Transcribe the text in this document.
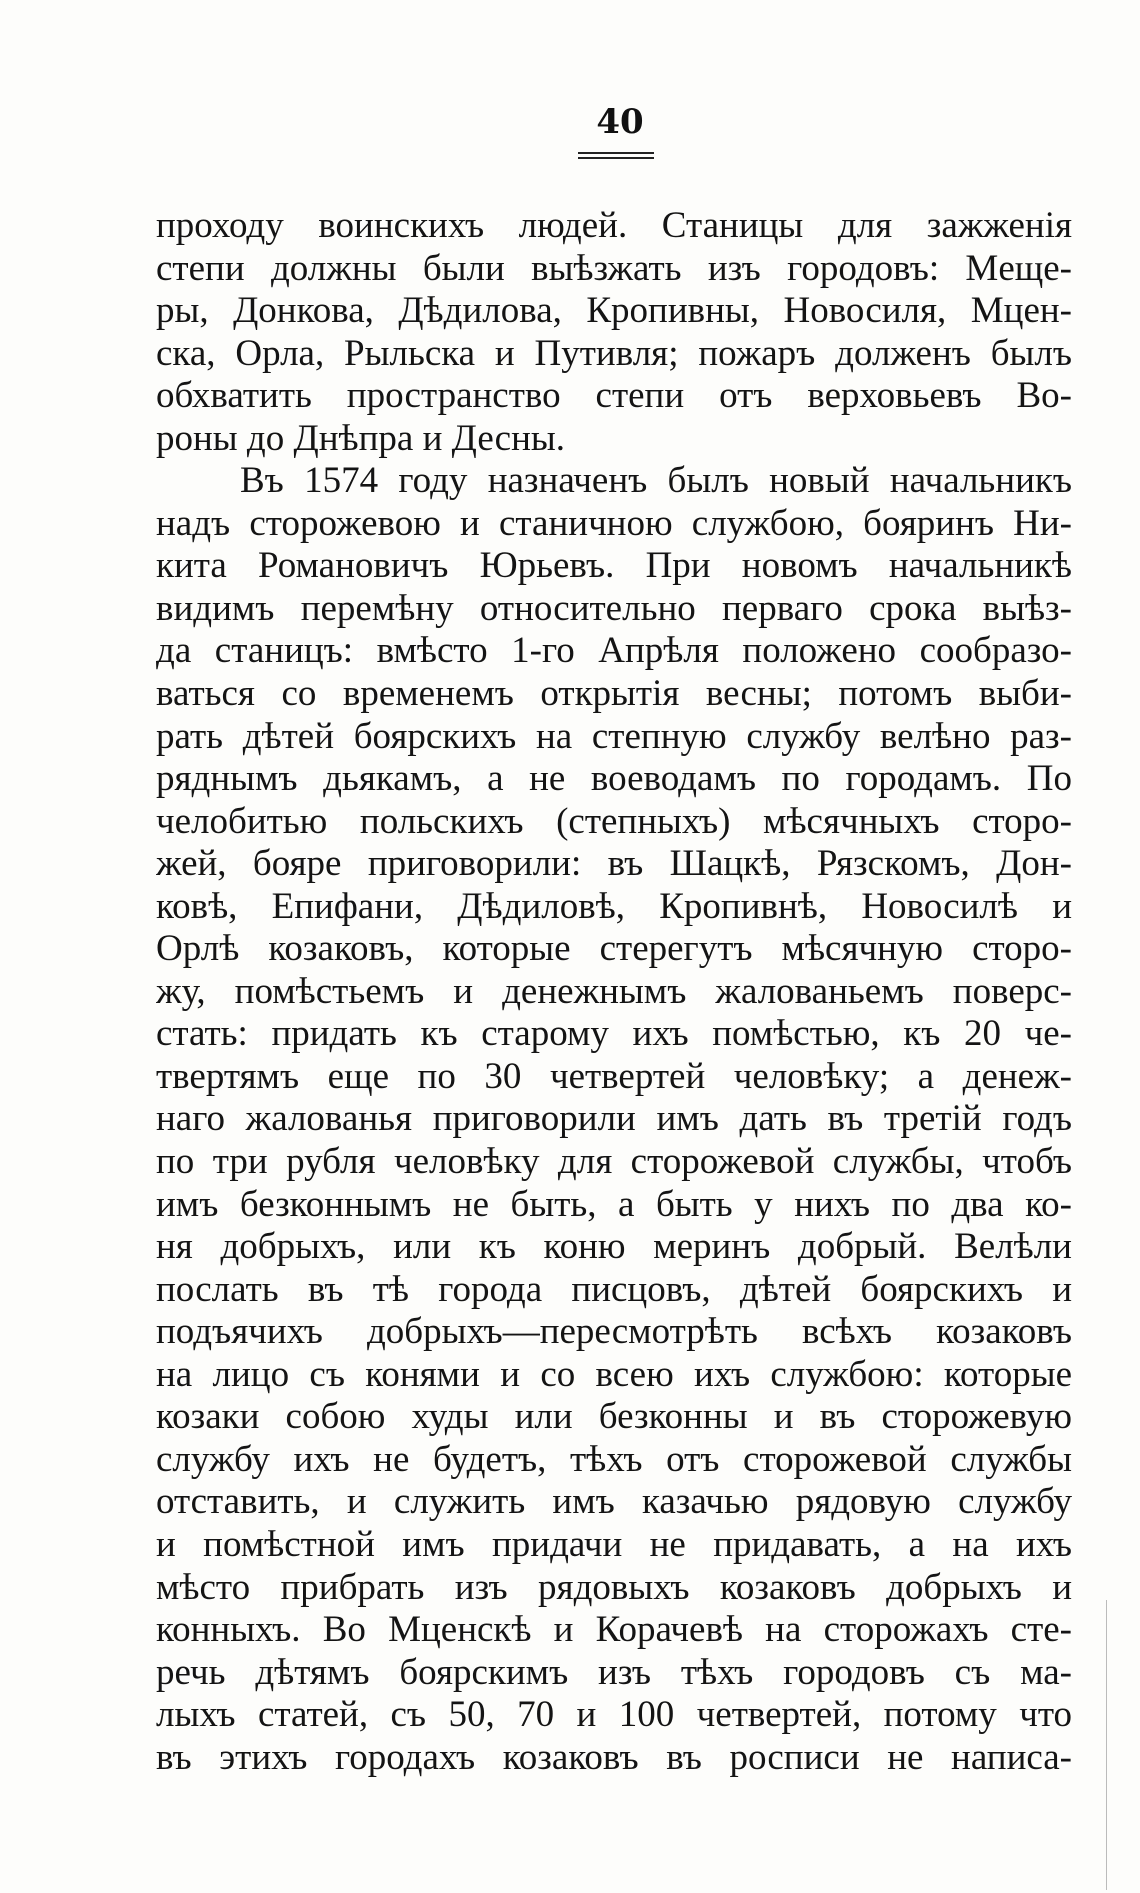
40
проходу воинскихъ людей. Станицы для зажженія
степи должны были выѣзжать изъ городовъ: Meще-
ры, Донкова, Дѣдилова, Кропивны, Новосиля, Мцен-
ска, Орла, Рыльска и Путивля; пожаръ долженъ былъ
обхватить пространство степи отъ верховьевъ Во-
роны до Днѣпра и Десны.
Въ 1574 году назначенъ былъ новый начальникъ
надъ сторожевою и станичною службою, бояринъ Ни-
кита Романовичъ Юрьевъ. При новомъ начальникѣ
видимъ перемѣну относительно перваго срока выѣз-
да станицъ: вмѣсто 1-го Апрѣля положено сообразо-
ваться со временемъ открытія весны; потомъ выби-
рать дѣтей боярскихъ на степную службу велѣно раз-
ряднымъ дьякамъ, а не воеводамъ по городамъ. По
челобитью польскихъ (степныхъ) мѣсячныхъ сторо-
жей, бояре приговорили: въ Шацкѣ, Рязскомъ, Дон-
ковѣ, Епифани, Дѣдиловѣ, Кропивнѣ, Новосилѣ и
Орлѣ козаковъ, которые стерегутъ мѣсячную сторо-
жу, помѣстьемъ и денежнымъ жалованьемъ поверс-
стать: придать къ старому ихъ помѣстью, къ 20 че-
твертямъ еще по 30 четвертей человѣку; а денеж-
наго жалованья приговорили имъ дать въ третій годъ
по три рубля человѣку для сторожевой службы, чтобъ
имъ безконнымъ не быть, а быть у нихъ по два ко-
ня добрыхъ, или къ коню меринъ добрый. Велѣли
послать въ тѣ города писцовъ, дѣтей боярскихъ и
подъячихъ добрыхъ—пересмотрѣть всѣхъ козаковъ
на лицо съ конями и со всею ихъ службою: которые
козаки собою худы или безконны и въ сторожевую
службу ихъ не будетъ, тѣхъ отъ сторожевой службы
отставить, и служить имъ казачью рядовую службу
и помѣстной имъ придачи не придавать, а на ихъ
мѣсто прибрать изъ рядовыхъ козаковъ добрыхъ и
конныхъ. Во Мценскѣ и Корачевѣ на сторожахъ сте-
речь дѣтямъ боярскимъ изъ тѣхъ городовъ съ ма-
лыхъ статей, съ 50, 70 и 100 четвертей, потому что
въ этихъ городахъ козаковъ въ росписи не написа-
